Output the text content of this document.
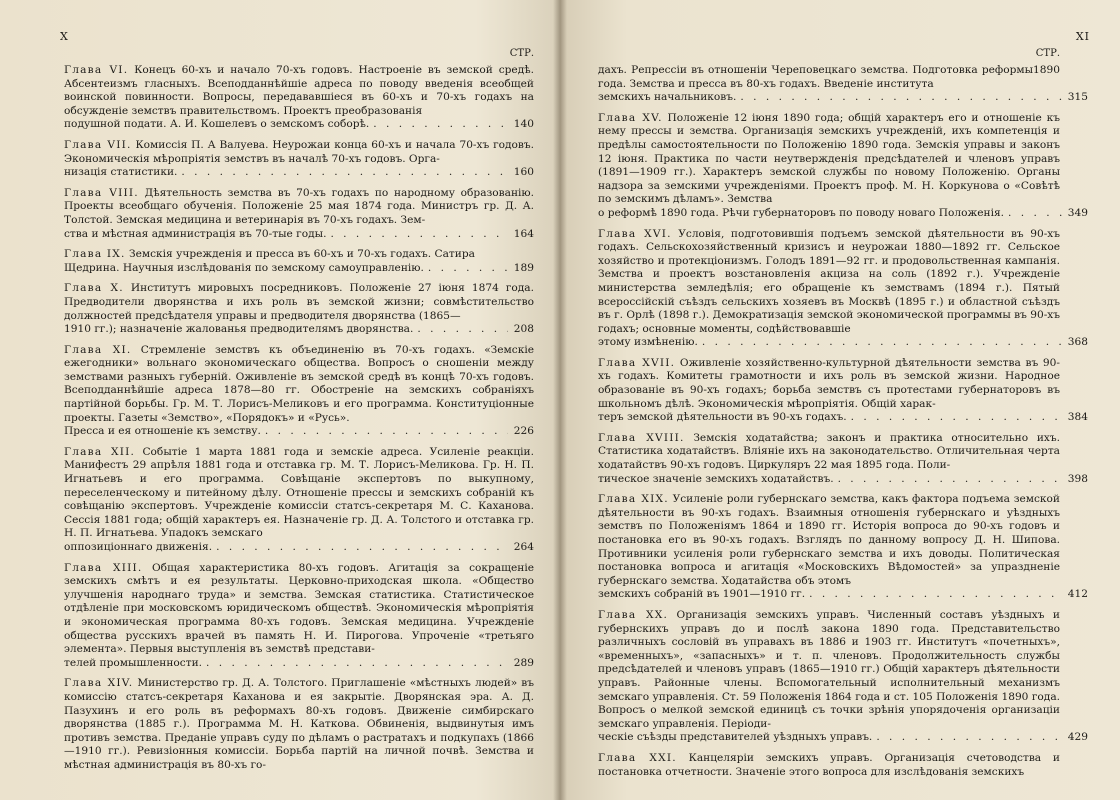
X
СТР.
Глава VI. Конецъ 60-хъ и начало 70-хъ годовъ. Настроеніе въ земской средѣ. Абсентеизмъ гласныхъ. Всеподданнѣйшіе адреса по поводу введенія всеобщей воинской повинности. Вопросы, передававшіеся въ 60-хъ и 70-хъ годахъ на обсужденіе земствъ правительствомъ. Проектъ преобразованія
подушной подати. А. И. Кошелевъ о земскомъ соборѣ. . . .	140
Глава VII. Комиссія П. А Валуева. Неурожаи конца 60-хъ и начала 70-хъ годовъ. Экономическія мѣропріятія земствъ въ началѣ 70-хъ годовъ. Орга-
низація статистики. . . .	160
Глава VIII. Дѣятельность земства въ 70-хъ годахъ по народному образованію. Проекты всеобщаго обученія. Положеніе 25 мая 1874 года. Министръ гр. Д. А. Толстой. Земская медицина и ветеринарія въ 70-хъ годахъ. Зем-
ства и мѣстная администрація въ 70-тые годы. . . .	164
Глава IX. Земскія учрежденія и пресса въ 60-хъ и 70-хъ годахъ. Сатира
Щедрина. Научныя изслѣдованія по земскому самоуправленію. . . .	189
Глава X. Институтъ мировыхъ посредниковъ. Положеніе 27 іюня 1874 года. Предводители дворянства и ихъ роль въ земской жизни; совмѣстительство должностей предсѣдателя управы и предводителя дворянства (1865—
1910 гг.); назначеніе жалованья предводителямъ дворянства. . . .	208
Глава XI. Стремленіе земствъ къ объединенію въ 70-хъ годахъ. «Земскіе ежегодники» вольнаго экономическаго общества. Вопросъ о сношеніи между земствами разныхъ губерній. Оживленіе въ земской средѣ въ концѣ 70-хъ годовъ. Всеподданнѣйшіе адреса 1878—80 гг. Обостреніе на земскихъ собраніяхъ партійной борьбы. Гр. М. Т. Лорисъ-Меликовъ и его программа. Конституціонные проекты. Газеты «Земство», «Порядокъ» и «Русь».
Пресса и ея отношеніе къ земству. . . .	226
Глава XII. Событіе 1 марта 1881 года и земскіе адреса. Усиленіе реакціи. Манифестъ 29 апрѣля 1881 года и отставка гр. М. Т. Лорисъ-Меликова. Гр. Н. П. Игнатьевъ и его программа. Совѣщаніе экспертовъ по выкупному, переселенческому и питейному дѣлу. Отношеніе прессы и земскихъ собраній къ совѣщанію экспертовъ. Учрежденіе комиссіи статсъ-секретаря М. С. Каханова. Сессія 1881 года; общій характеръ ея. Назначеніе гр. Д. А. Толстого и отставка гр. Н. П. Игнатьева. Упадокъ земскаго
оппозиціоннаго движенія. . . .	264
Глава XIII. Общая характеристика 80-хъ годовъ. Агитація за сокращеніе земскихъ смѣтъ и ея результаты. Церковно-приходская школа. «Общество улучшенія народнаго труда» и земства. Земская статистика. Статистическое отдѣленіе при московскомъ юридическомъ обществѣ. Экономическія мѣропріятія и экономическая программа 80-хъ годовъ. Земская медицина. Учрежденіе общества русскихъ врачей въ память Н. И. Пирогова. Упроченіе «третьяго элемента». Первыя выступленія въ земствѣ представи-
телей промышленности. . . .	289
Глава XIV. Министерство гр. Д. А. Толстого. Приглашеніе «мѣстныхъ людей» въ комиссію статсъ-секретаря Каханова и ея закрытіе. Дворянская эра. А. Д. Пазухинъ и его роль въ реформахъ 80-хъ годовъ. Движеніе симбирскаго дворянства (1885 г.). Программа М. Н. Каткова. Обвиненія, выдвинутыя имъ противъ земства. Преданіе управъ суду по дѣламъ о растратахъ и подкупахъ (1866—1910 гг.). Ревизіонныя комиссіи. Борьба партій на личной почвѣ. Земства и мѣстная администрація въ 80-хъ го-
XI
СТР.
дахъ. Репрессіи въ отношеніи Череповецкаго земства. Подготовка реформы1890 года. Земства и пресса въ 80-хъ годахъ. Введеніе института
земскихъ начальниковъ. . . .	315
Глава XV. Положеніе 12 іюня 1890 года; общій характеръ его и отношеніе къ нему прессы и земства. Организація земскихъ учрежденій, ихъ компетенція и предѣлы самостоятельности по Положенію 1890 года. Земскія управы и законъ 12 іюня. Практика по части неутвержденія предсѣдателей и членовъ управъ (1891—1909 гг.). Характеръ земской службы по новому Положенію. Органы надзора за земскими учрежденіями. Проектъ проф. М. Н. Коркунова о «Совѣтѣ по земскимъ дѣламъ». Земства
о реформѣ 1890 года. Рѣчи губернаторовъ по поводу новаго Положенія. . . .	349
Глава XVI. Условія, подготовившія подъемъ земской дѣятельности въ 90-хъ годахъ. Сельскохозяйственный кризисъ и неурожаи 1880—1892 гг. Сельское хозяйство и протекціонизмъ. Голодъ 1891—92 гг. и продовольственная кампанія. Земства и проектъ возстановленія акциза на соль (1892 г.). Учрежденіе министерства земледѣлія; его обращеніе къ земствамъ (1894 г.). Пятый всероссійскій съѣздъ сельскихъ хозяевъ въ Москвѣ (1895 г.) и областной съѣздъ въ г. Орлѣ (1898 г.). Демократизація земской экономической программы въ 90-хъ годахъ; основные моменты, содѣйствовавшіе
этому измѣненію. . . .	368
Глава XVII. Оживленіе хозяйственно-культурной дѣятельности земства въ 90-хъ годахъ. Комитеты грамотности и ихъ роль въ земской жизни. Народное образованіе въ 90-хъ годахъ; борьба земствъ съ протестами губернаторовъ въ школьномъ дѣлѣ. Экономическія мѣропріятія. Общій харак-
теръ земской дѣятельности въ 90-хъ годахъ. . . .	384
Глава XVIII. Земскія ходатайства; законъ и практика относительно ихъ. Статистика ходатайствъ. Вліяніе ихъ на законодательство. Отличительная черта ходатайствъ 90-хъ годовъ. Циркуляръ 22 мая 1895 года. Поли-
тическое значеніе земскихъ ходатайствъ. . . .	398
Глава XIX. Усиленіе роли губернскаго земства, какъ фактора подъема земской дѣятельности въ 90-хъ годахъ. Взаимныя отношенія губернскаго и уѣздныхъ земствъ по Положеніямъ 1864 и 1890 гг. Исторія вопроса до 90-хъ годовъ и постановка его въ 90-хъ годахъ. Взглядъ по данному вопросу Д. Н. Шипова. Противники усиленія роли губернскаго земства и ихъ доводы. Политическая постановка вопроса и агитація «Московскихъ Вѣдомостей» за упраздненіе губернскаго земства. Ходатайства объ этомъ
земскихъ собраній въ 1901—1910 гг. . . .	412
Глава XX. Организація земскихъ управъ. Численный составъ уѣздныхъ и губернскихъ управъ до и послѣ закона 1890 года. Представительство различныхъ сословій въ управахъ въ 1886 и 1903 гг. Институтъ «почетныхъ», «временныхъ», «запасныхъ» и т. п. членовъ. Продолжительность службы предсѣдателей и членовъ управъ (1865—1910 гг.) Общій характеръ дѣятельности управъ. Районные члены. Вспомогательный исполнительный механизмъ земскаго управленія. Ст. 59 Положенія 1864 года и ст. 105 Положенія 1890 года. Вопросъ о мелкой земской единицѣ съ точки зрѣнія упорядоченія организаціи земскаго управленія. Періоди-
ческіе съѣзды представителей уѣздныхъ управъ. . . .	429
Глава XXI. Канцеляріи земскихъ управъ. Организація счетоводства и постановка отчетности. Значеніе этого вопроса для изслѣдованія земскихъ
